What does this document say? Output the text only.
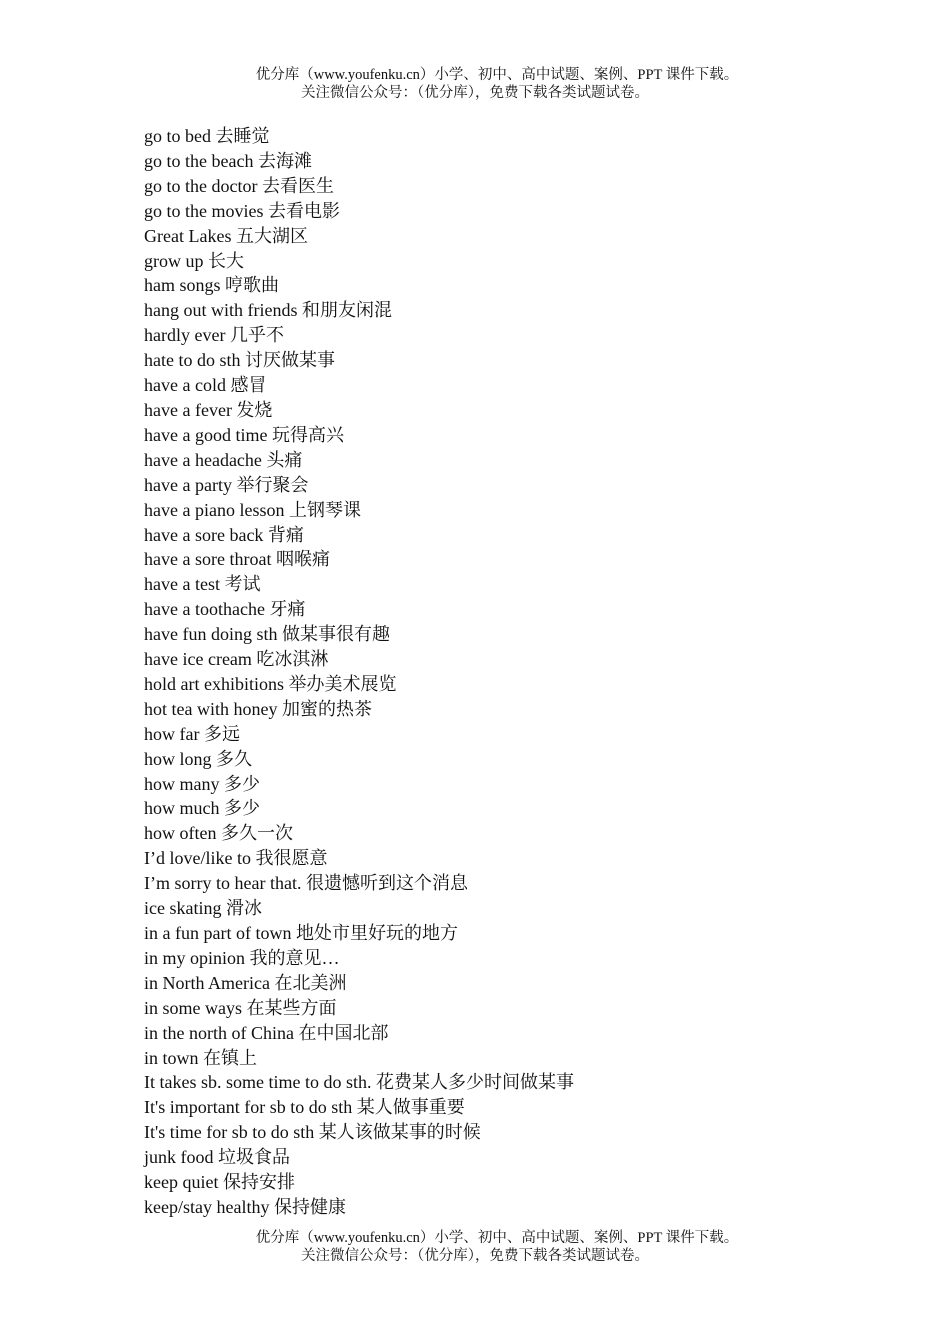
优分库（www.youfenku.cn）小学、初中、高中试题、案例、PPT 课件下载。
关注微信公众号：（优分库），免费下载各类试题试卷。

go to bed 去睡觉

go to the beach 去海滩

go to the doctor 去看医生

go to the movies 去看电影

Great Lakes 五大湖区

grow up 长大

ham songs 哼歌曲

hang out with friends 和朋友闲混

hardly ever 几乎不

hate to do sth 讨厌做某事

have a cold 感冒

have a fever 发烧

have a good time 玩得高兴

have a headache 头痛

have a party 举行聚会

have a piano lesson 上钢琴课

have a sore back 背痛

have a sore throat 咽喉痛

have a test 考试

have a toothache 牙痛

have fun doing sth 做某事很有趣

have ice cream 吃冰淇淋

hold art exhibitions 举办美术展览

hot tea with honey 加蜜的热茶

how far 多远

how long 多久

how many 多少

how much 多少

how often 多久一次

I’d love/like to 我很愿意

I’m sorry to hear that. 很遗憾听到这个消息

ice skating 滑冰

in a fun part of town 地处市里好玩的地方

in my opinion 我的意见…

in North America 在北美洲

in some ways 在某些方面

in the north of China 在中国北部

in town 在镇上

It takes sb. some time to do sth. 花费某人多少时间做某事

It's important for sb to do sth 某人做事重要

It's time for sb to do sth 某人该做某事的时候

junk food 垃圾食品

keep quiet 保持安排

keep/stay healthy 保持健康

优分库（www.youfenku.cn）小学、初中、高中试题、案例、PPT 课件下载。
关注微信公众号：（优分库），免费下载各类试题试卷。
